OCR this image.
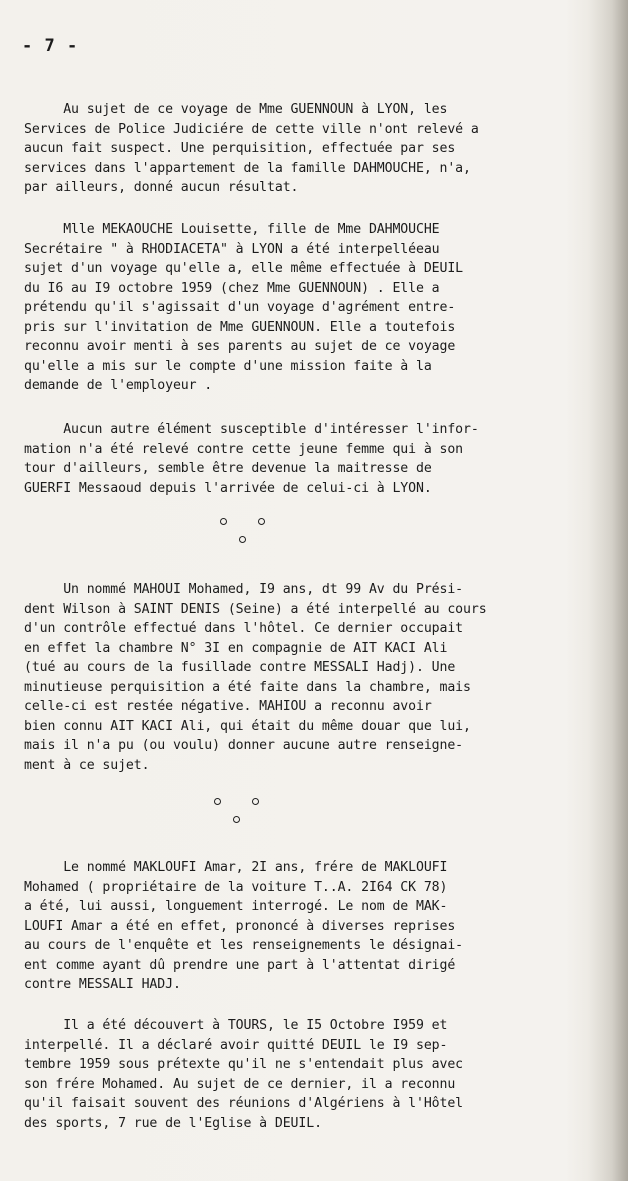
- 7 -
Au sujet de ce voyage de Mme GUENNOUN à LYON, les
Services de Police Judiciére de cette ville n'ont relevé a
aucun fait suspect. Une perquisition, effectuée par ses
services dans l'appartement de la famille DAHMOUCHE, n'a,
par ailleurs, donné aucun résultat.
Mlle MEKAOUCHE Louisette, fille de Mme DAHMOUCHE
Secrétaire " à RHODIACETA" à LYON a été interpelléeau
sujet d'un voyage qu'elle a, elle même effectuée à DEUIL
du I6 au I9 octobre 1959 (chez Mme GUENNOUN) . Elle a
prétendu qu'il s'agissait d'un voyage d'agrément entre-
pris sur l'invitation de Mme GUENNOUN. Elle a toutefois
reconnu avoir menti à ses parents au sujet de ce voyage
qu'elle a mis sur le compte d'une mission faite à la
demande de l'employeur .
Aucun autre élément susceptible d'intéresser l'infor-
mation n'a été relevé contre cette jeune femme qui à son
tour d'ailleurs, semble être devenue la maitresse de
GUERFI Messaoud depuis l'arrivée de celui-ci à LYON.
Un nommé MAHOUI Mohamed, I9 ans, dt 99 Av du Prési-
dent Wilson à SAINT DENIS (Seine) a été interpellé au cours
d'un contrôle effectué dans l'hôtel. Ce dernier occupait
en effet la chambre N° 3I en compagnie de AIT KACI Ali
(tué au cours de la fusillade contre MESSALI Hadj). Une
minutieuse perquisition a été faite dans la chambre, mais
celle-ci est restée négative. MAHIOU a reconnu avoir
bien connu AIT KACI Ali, qui était du même douar que lui,
mais il n'a pu (ou voulu) donner aucune autre renseigne-
ment à ce sujet.
Le nommé MAKLOUFI Amar, 2I ans, frére de MAKLOUFI
Mohamed ( propriétaire de la voiture T..A. 2I64 CK 78)
a été, lui aussi, longuement interrogé. Le nom de MAK-
LOUFI Amar a été en effet, prononcé à diverses reprises
au cours de l'enquête et les renseignements le désignai-
ent comme ayant dû prendre une part à l'attentat dirigé
contre MESSALI HADJ.
Il a été découvert à TOURS, le I5 Octobre I959 et
interpellé. Il a déclaré avoir quitté DEUIL le I9 sep-
tembre 1959 sous prétexte qu'il ne s'entendait plus avec
son frére Mohamed. Au sujet de ce dernier, il a reconnu
qu'il faisait souvent des réunions d'Algériens à l'Hôtel
des sports, 7 rue de l'Eglise à DEUIL.
